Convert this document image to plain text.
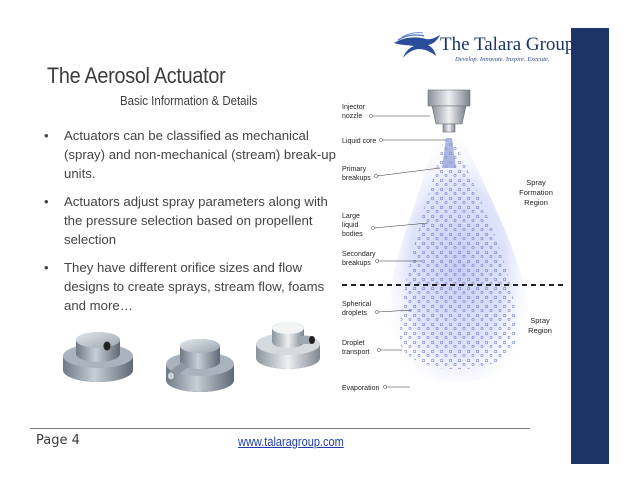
The Talara Group
Develop. Innovate. Inspire. Execute.
The Aerosol Actuator
Basic Information & Details
• Actuators can be classified as mechanical (spray) and non-mechanical (stream) break-up units.
• Actuators adjust spray parameters along with the pressure selection based on propellent selection
• They have different orifice sizes and flow designs to create sprays, stream flow, foams and more…
Injector
nozzle
Liquid core
Primary
breakups
Large
liquid
bodies
Secondary
breakups
Spherical
droplets
Droplet
transport
Evaporation
Spray
Formation
Region
Spray
Region
Page 4	www.talaragroup.com
